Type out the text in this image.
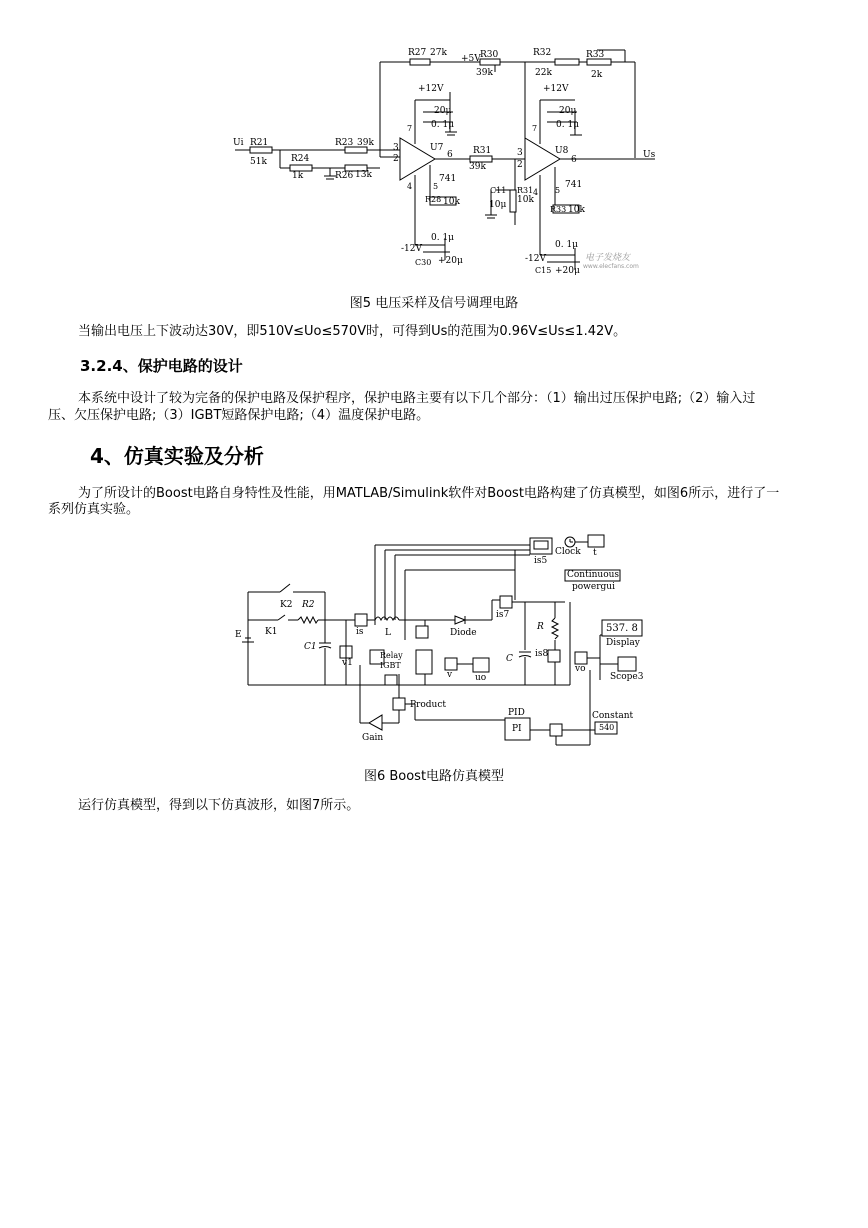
R27 27k
+5V R30
39k
R32
22k
R33
2k
+12V
20μ
0. 1μ
7
+12V
20μ
0. 1μ
7
Ui R21
51k
R23 39k
R24
1k	R26 13k
3
2
U7
6
741
4	5
R28 10k
R31
39k
3
2
U8
6	Us
C11
10μ
R31
10k
741
4 5
R33 10k
-12V
0. 1μ
C30 +20μ	-12V
0. 1μ
C15 +20μ
电子发烧友
www.elecfans.com
图5 电压采样及信号调理电路
当输出电压上下波动达30V，即510V≤Uo≤570V时，可得到Us的范围为0.96V≤Us≤1.42V。
3.2.4、保护电路的设计
本系统中设计了较为完备的保护电路及保护程序，保护电路主要有以下几个部分：（1）输出过压保护电路;（2）输入过
压、欠压保护电路;（3）IGBT短路保护电路;（4）温度保护电路。
4、仿真实验及分析
为了所设计的Boost电路自身特性及性能，用MATLAB/Simulink软件对Boost电路构建了仿真模型，如图6所示，进行了一
系列仿真实验。
Clock t
is5
Continuous
powergui
K2 R2
K1
E
C1
is
v1
L
Relay
IGBT
Diode
is7
v	uo
R
C is8
vo
537. 8
Display
Scope3
Product
Gain
PID
PI
Constant
540
图6 Boost电路仿真模型
运行仿真模型，得到以下仿真波形，如图7所示。
